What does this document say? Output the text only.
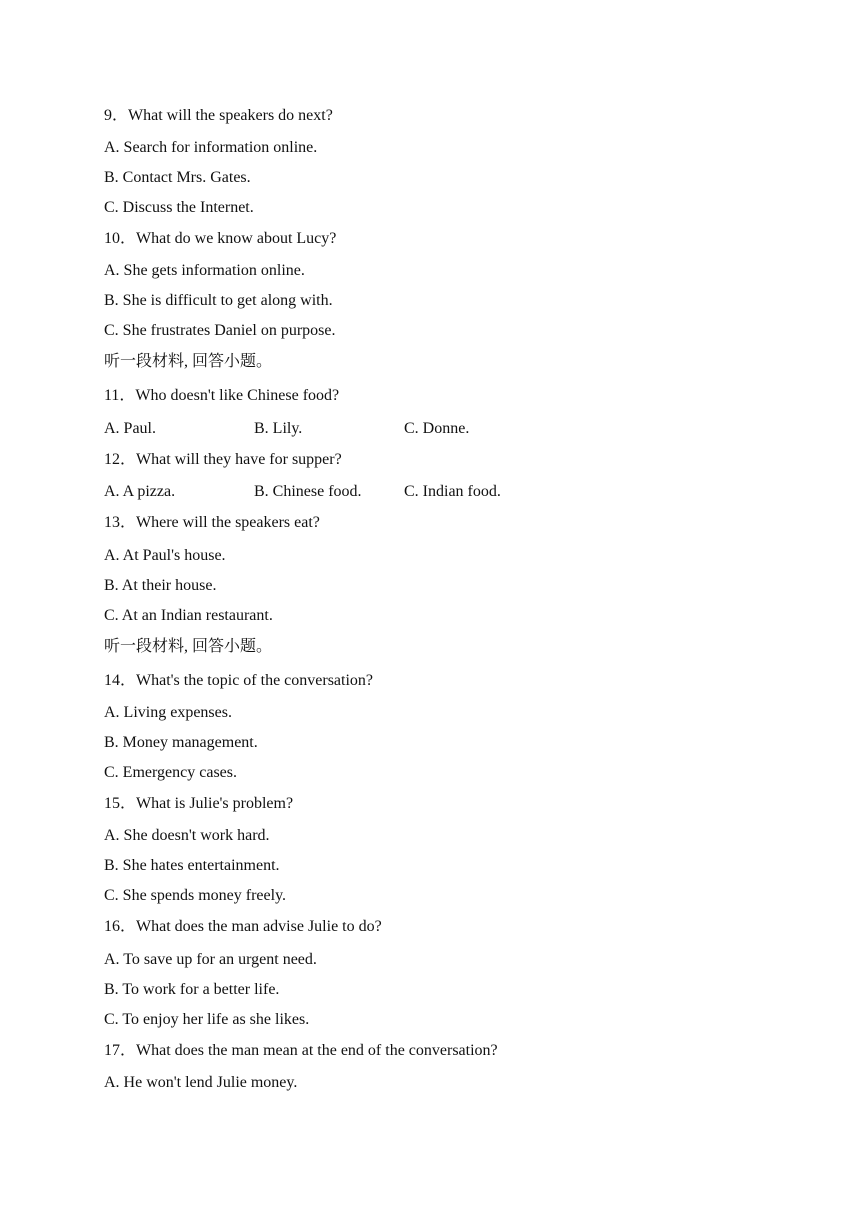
9．What will the speakers do next?
A. Search for information online.
B. Contact Mrs. Gates.
C. Discuss the Internet.
10．What do we know about Lucy?
A. She gets information online.
B. She is difficult to get along with.
C. She frustrates Daniel on purpose.
听一段材料, 回答小题。
11．Who doesn't like Chinese food?
A. Paul.	B. Lily.	C. Donne.
12．What will they have for supper?
A. A pizza.	B. Chinese food.	C. Indian food.
13．Where will the speakers eat?
A. At Paul's house.
B. At their house.
C. At an Indian restaurant.
听一段材料, 回答小题。
14．What's the topic of the conversation?
A. Living expenses.
B. Money management.
C. Emergency cases.
15．What is Julie's problem?
A. She doesn't work hard.
B. She hates entertainment.
C. She spends money freely.
16．What does the man advise Julie to do?
A. To save up for an urgent need.
B. To work for a better life.
C. To enjoy her life as she likes.
17．What does the man mean at the end of the conversation?
A. He won't lend Julie money.
